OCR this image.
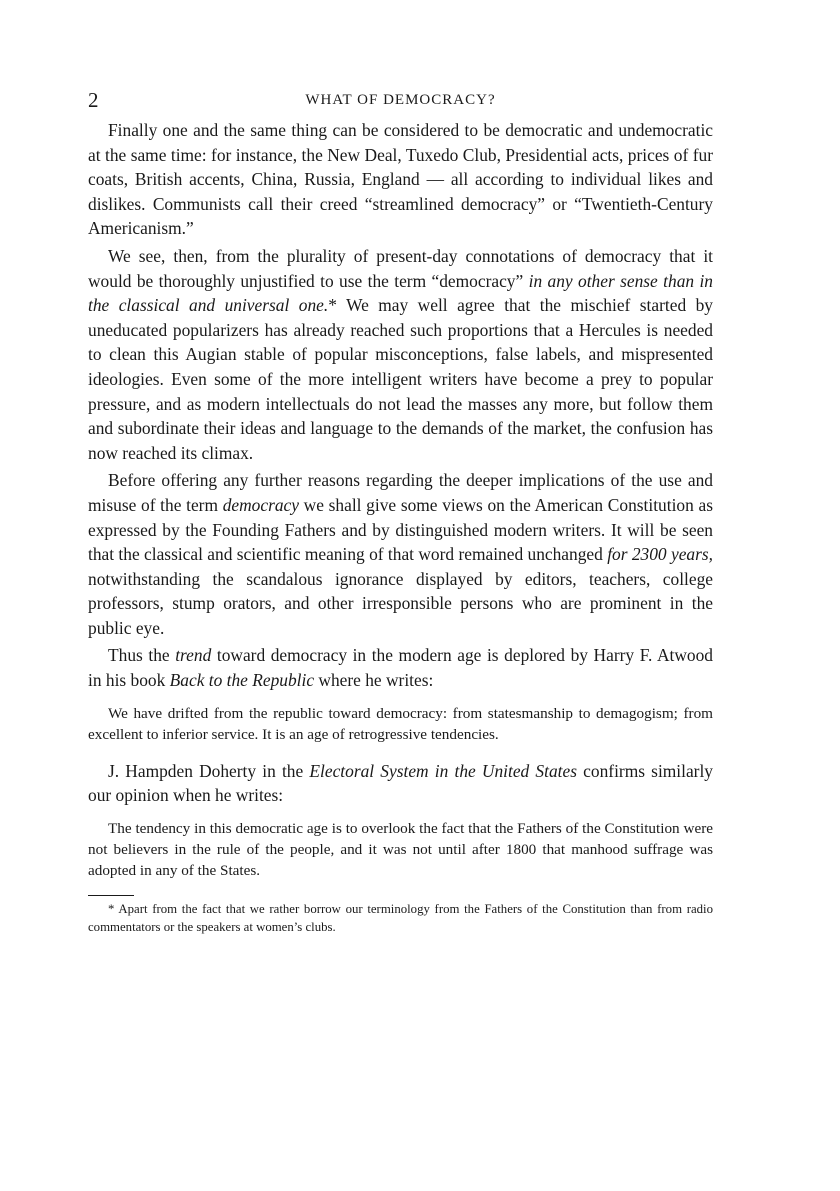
2	WHAT OF DEMOCRACY?

Finally one and the same thing can be considered to be democratic and undemocratic at the same time: for instance, the New Deal, Tuxedo Club, Presidential acts, prices of fur coats, British accents, China, Russia, England — all according to individual likes and dislikes. Communists call their creed “streamlined democracy” or “Twentieth-Century Americanism.”

We see, then, from the plurality of present-day connotations of democracy that it would be thoroughly unjustified to use the term “democracy” in any other sense than in the classical and universal one.* We may well agree that the mischief started by uneducated popularizers has already reached such proportions that a Hercules is needed to clean this Augian stable of popular misconceptions, false labels, and mispresented ideologies. Even some of the more intelligent writers have become a prey to popular pressure, and as modern intellectuals do not lead the masses any more, but follow them and subordinate their ideas and language to the demands of the market, the confusion has now reached its climax.

Before offering any further reasons regarding the deeper implications of the use and misuse of the term democracy we shall give some views on the American Constitution as expressed by the Founding Fathers and by distinguished modern writers. It will be seen that the classical and scientific meaning of that word remained unchanged for 2300 years, notwithstanding the scandalous ignorance displayed by editors, teachers, college professors, stump orators, and other irresponsible persons who are prominent in the public eye.

Thus the trend toward democracy in the modern age is deplored by Harry F. Atwood in his book Back to the Republic where he writes:

We have drifted from the republic toward democracy: from statesmanship to demagogism; from excellent to inferior service. It is an age of retrogressive tendencies.

J. Hampden Doherty in the Electoral System in the United States confirms similarly our opinion when he writes:

The tendency in this democratic age is to overlook the fact that the Fathers of the Constitution were not believers in the rule of the people, and it was not until after 1800 that manhood suffrage was adopted in any of the States.

* Apart from the fact that we rather borrow our terminology from the Fathers of the Constitution than from radio commentators or the speakers at women’s clubs.
